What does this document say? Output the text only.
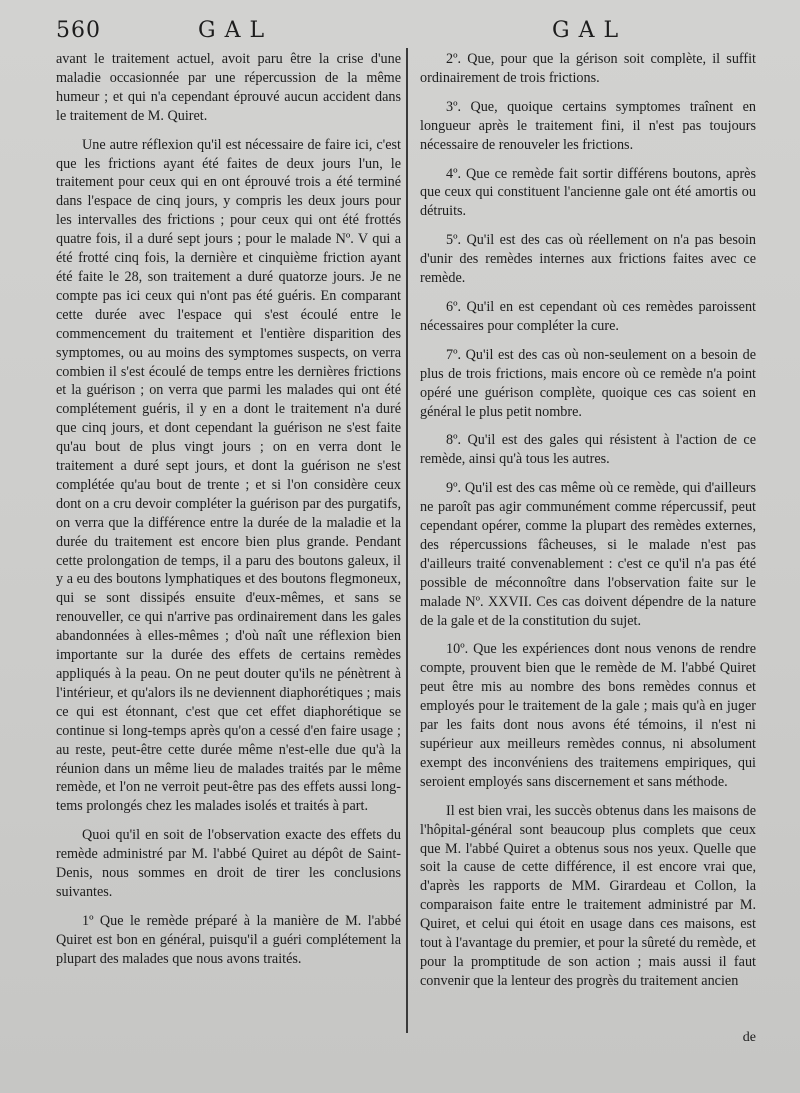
560	GAL	GAL

avant le traitement actuel, avoit paru être la crise d'une maladie occasionnée par une répercussion de la même humeur ; et qui n'a cependant éprouvé aucun accident dans le traitement de M. Quiret.

Une autre réflexion qu'il est nécessaire de faire ici, c'est que les frictions ayant été faites de deux jours l'un, le traitement pour ceux qui en ont éprouvé trois a été terminé dans l'espace de cinq jours, y compris les deux jours pour les intervalles des frictions ; pour ceux qui ont été frottés quatre fois, il a duré sept jours ; pour le malade Nº. V qui a été frotté cinq fois, la dernière et cinquième friction ayant été faite le 28, son traitement a duré quatorze jours. Je ne compte pas ici ceux qui n'ont pas été guéris. En comparant cette durée avec l'espace qui s'est écoulé entre le commencement du traitement et l'entière disparition des symptomes, ou au moins des symptomes suspects, on verra combien il s'est écoulé de temps entre les dernières frictions et la guérison ; on verra que parmi les malades qui ont été complétement guéris, il y en a dont le traitement n'a duré que cinq jours, et dont cependant la guérison ne s'est faite qu'au bout de plus vingt jours ; on en verra dont le traitement a duré sept jours, et dont la guérison ne s'est complétée qu'au bout de trente ; et si l'on considère ceux dont on a cru devoir compléter la guérison par des purgatifs, on verra que la différence entre la durée de la maladie et la durée du traitement est encore bien plus grande. Pendant cette prolongation de temps, il a paru des boutons galeux, il y a eu des boutons lymphatiques et des boutons flegmoneux, qui se sont dissipés ensuite d'eux-mêmes, et sans se renouveller, ce qui n'arrive pas ordinairement dans les gales abandonnées à elles-mêmes ; d'où naît une réflexion bien importante sur la durée des effets de certains remèdes appliqués à la peau. On ne peut douter qu'ils ne pénètrent à l'intérieur, et qu'alors ils ne deviennent diaphorétiques ; mais ce qui est étonnant, c'est que cet effet diaphorétique se continue si long-temps après qu'on a cessé d'en faire usage ; au reste, peut-être cette durée même n'est-elle due qu'à la réunion dans un même lieu de malades traités par le même remède, et l'on ne verroit peut-être pas des effets aussi long-tems prolongés chez les malades isolés et traités à part.

Quoi qu'il en soit de l'observation exacte des effets du remède administré par M. l'abbé Quiret au dépôt de Saint-Denis, nous sommes en droit de tirer les conclusions suivantes.

1º Que le remède préparé à la manière de M. l'abbé Quiret est bon en général, puisqu'il a guéri complétement la plupart des malades que nous avons traités.

2º. Que, pour que la gérison soit complète, il suffit ordinairement de trois frictions.

3º. Que, quoique certains symptomes traînent en longueur après le traitement fini, il n'est pas toujours nécessaire de renouveler les frictions.

4º. Que ce remède fait sortir différens boutons, après que ceux qui constituent l'ancienne gale ont été amortis ou détruits.

5º. Qu'il est des cas où réellement on n'a pas besoin d'unir des remèdes internes aux frictions faites avec ce remède.

6º. Qu'il en est cependant où ces remèdes paroissent nécessaires pour compléter la cure.

7º. Qu'il est des cas où non-seulement on a besoin de plus de trois frictions, mais encore où ce remède n'a point opéré une guérison complète, quoique ces cas soient en général le plus petit nombre.

8º. Qu'il est des gales qui résistent à l'action de ce remède, ainsi qu'à tous les autres.

9º. Qu'il est des cas même où ce remède, qui d'ailleurs ne paroît pas agir communément comme répercussif, peut cependant opérer, comme la plupart des remèdes externes, des répercussions fâcheuses, si le malade n'est pas d'ailleurs traité convenablement : c'est ce qu'il n'a pas été possible de méconnoître dans l'observation faite sur le malade Nº. XXVII. Ces cas doivent dépendre de la nature de la gale et de la constitution du sujet.

10º. Que les expériences dont nous venons de rendre compte, prouvent bien que le remède de M. l'abbé Quiret peut être mis au nombre des bons remèdes connus et employés pour le traitement de la gale ; mais qu'à en juger par les faits dont nous avons été témoins, il n'est ni supérieur aux meilleurs remèdes connus, ni absolument exempt des inconvéniens des traitemens empiriques, qui seroient employés sans discernement et sans méthode.

Il est bien vrai, les succès obtenus dans les maisons de l'hôpital-général sont beaucoup plus complets que ceux que M. l'abbé Quiret a obtenus sous nos yeux. Quelle que soit la cause de cette différence, il est encore vrai que, d'après les rapports de MM. Girardeau et Collon, la comparaison faite entre le traitement administré par M. Quiret, et celui qui étoit en usage dans ces maisons, est tout à l'avantage du premier, et pour la sûreté du remède, et pour la promptitude de son action ; mais aussi il faut convenir que la lenteur des progrès du traitement ancien

de
